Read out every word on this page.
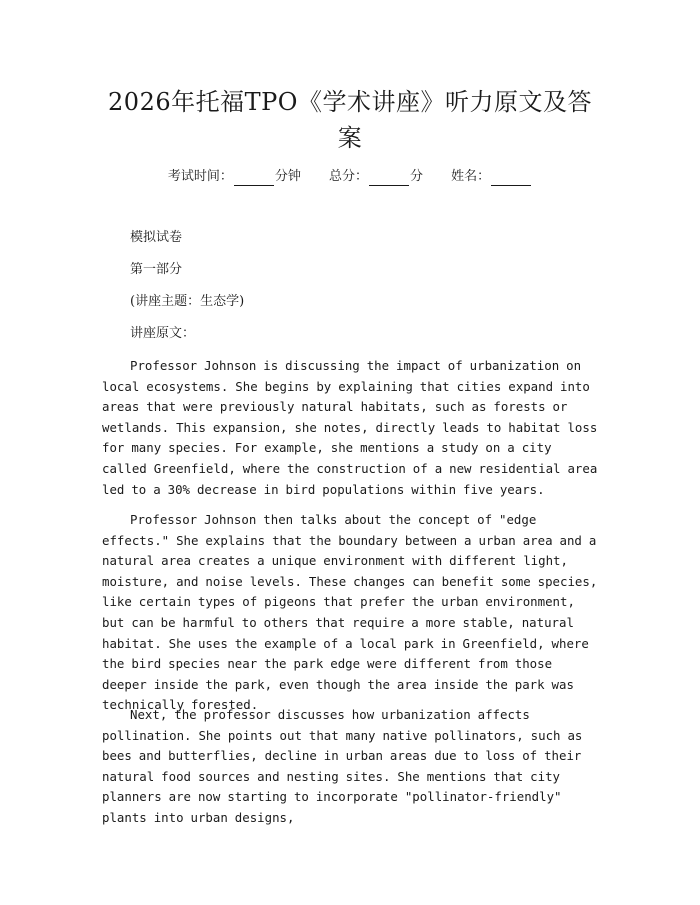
2026年托福TPO《学术讲座》听力原文及答案
考试时间：	分钟 总分：	分 姓名：
模拟试卷
第一部分
(讲座主题：生态学)
讲座原文：

Professor Johnson is discussing the impact of urbanization on local ecosystems. She begins by explaining that cities expand into areas that were previously natural habitats, such as forests or wetlands. This expansion, she notes, directly leads to habitat loss for many species. For example, she mentions a study on a city called Greenfield, where the construction of a new residential area led to a 30% decrease in bird populations within five years.

Professor Johnson then talks about the concept of "edge effects." She explains that the boundary between a urban area and a natural area creates a unique environment with different light, moisture, and noise levels. These changes can benefit some species, like certain types of pigeons that prefer the urban environment, but can be harmful to others that require a more stable, natural habitat. She uses the example of a local park in Greenfield, where the bird species near the park edge were different from those deeper inside the park, even though the area inside the park was technically forested.

Next, the professor discusses how urbanization affects pollination. She points out that many native pollinators, such as bees and butterflies, decline in urban areas due to loss of their natural food sources and nesting sites. She mentions that city planners are now starting to incorporate "pollinator-friendly" plants into urban designs,
